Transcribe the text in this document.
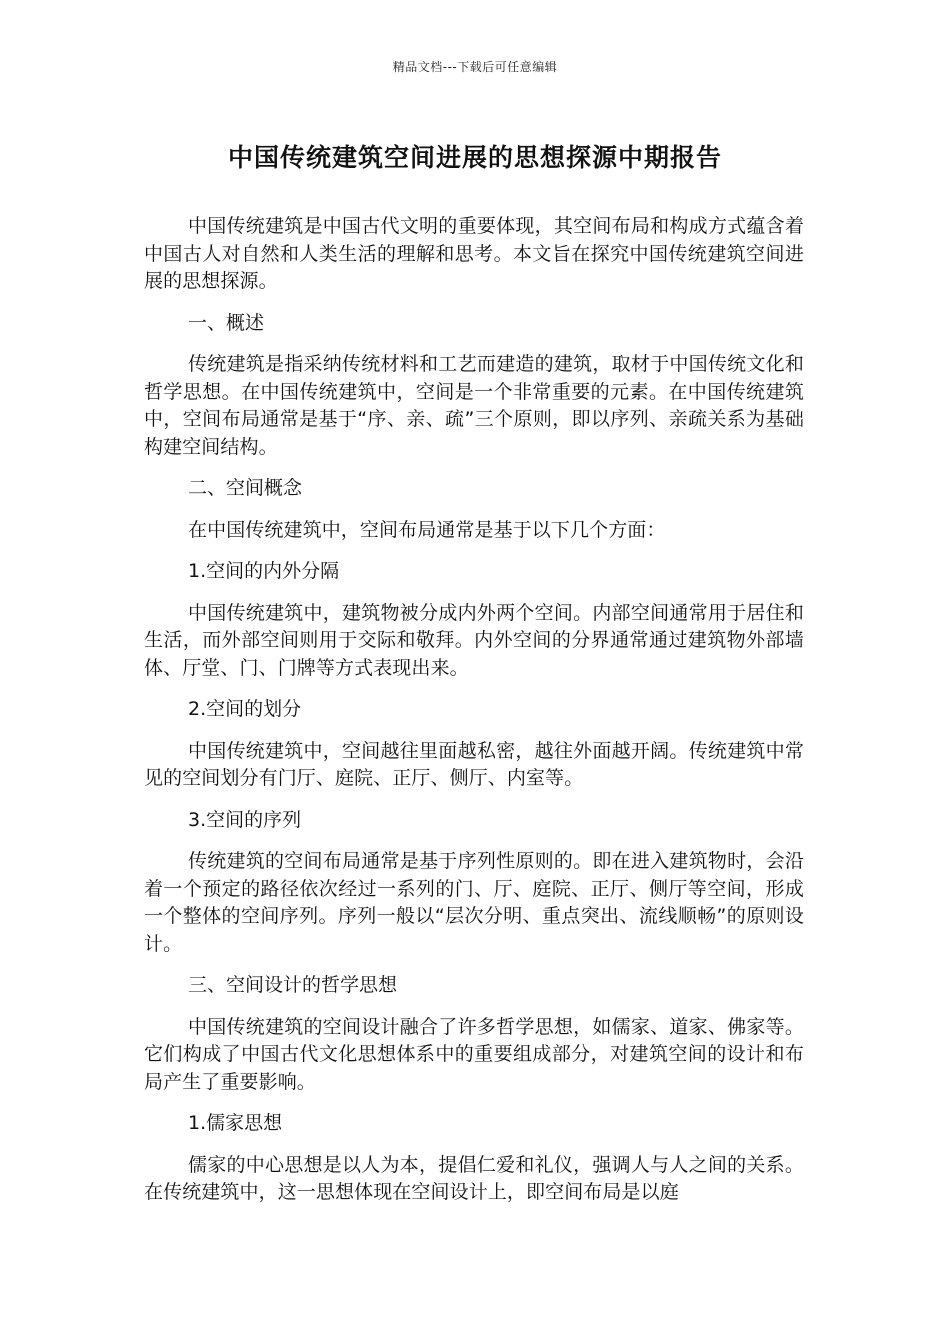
精品文档---下载后可任意编辑
中国传统建筑空间进展的思想探源中期报告
中国传统建筑是中国古代文明的重要体现，其空间布局和构成方式蕴含着中国古人对自然和人类生活的理解和思考。本文旨在探究中国传统建筑空间进展的思想探源。
一、概述
传统建筑是指采纳传统材料和工艺而建造的建筑，取材于中国传统文化和哲学思想。在中国传统建筑中，空间是一个非常重要的元素。在中国传统建筑中，空间布局通常是基于“序、亲、疏”三个原则，即以序列、亲疏关系为基础构建空间结构。
二、空间概念
在中国传统建筑中，空间布局通常是基于以下几个方面：
1.空间的内外分隔
中国传统建筑中，建筑物被分成内外两个空间。内部空间通常用于居住和生活，而外部空间则用于交际和敬拜。内外空间的分界通常通过建筑物外部墙体、厅堂、门、门牌等方式表现出来。
2.空间的划分
中国传统建筑中，空间越往里面越私密，越往外面越开阔。传统建筑中常见的空间划分有门厅、庭院、正厅、侧厅、内室等。
3.空间的序列
传统建筑的空间布局通常是基于序列性原则的。即在进入建筑物时，会沿着一个预定的路径依次经过一系列的门、厅、庭院、正厅、侧厅等空间，形成一个整体的空间序列。序列一般以“层次分明、重点突出、流线顺畅”的原则设计。
三、空间设计的哲学思想
中国传统建筑的空间设计融合了许多哲学思想，如儒家、道家、佛家等。它们构成了中国古代文化思想体系中的重要组成部分，对建筑空间的设计和布局产生了重要影响。
1.儒家思想
儒家的中心思想是以人为本，提倡仁爱和礼仪，强调人与人之间的关系。在传统建筑中，这一思想体现在空间设计上，即空间布局是以庭
